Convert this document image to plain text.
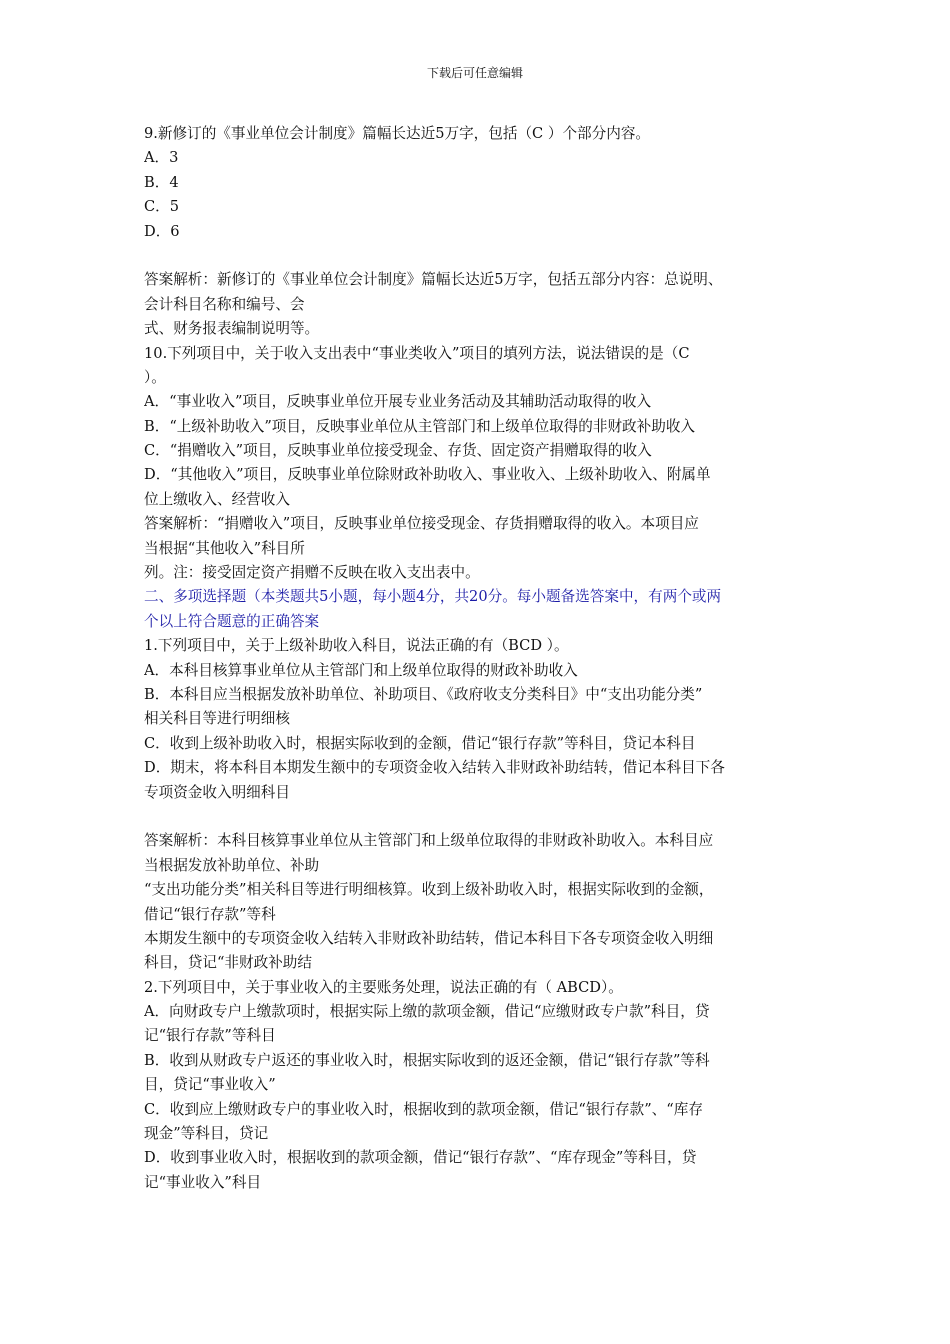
下载后可任意编辑
9.新修订的《事业单位会计制度》篇幅长达近5万字，包括（C ）个部分内容。
A．3
B．4
C．5
D．6
答案解析：新修订的《事业单位会计制度》篇幅长达近5万字，包括五部分内容：总说明、
会计科目名称和编号、会
式、财务报表编制说明等。
10.下列项目中，关于收入支出表中“事业类收入”项目的填列方法，说法错误的是（C
）。
A．“事业收入”项目，反映事业单位开展专业业务活动及其辅助活动取得的收入
B．“上级补助收入”项目，反映事业单位从主管部门和上级单位取得的非财政补助收入
C．“捐赠收入”项目，反映事业单位接受现金、存货、固定资产捐赠取得的收入
D．“其他收入”项目，反映事业单位除财政补助收入、事业收入、上级补助收入、附属单
位上缴收入、经营收入
答案解析：“捐赠收入”项目，反映事业单位接受现金、存货捐赠取得的收入。本项目应
当根据“其他收入”科目所
列。注：接受固定资产捐赠不反映在收入支出表中。
二、多项选择题（本类题共5小题，每小题4分，共20分。每小题备选答案中，有两个或两
个以上符合题意的正确答案
1.下列项目中，关于上级补助收入科目，说法正确的有（BCD ）。
A．本科目核算事业单位从主管部门和上级单位取得的财政补助收入
B．本科目应当根据发放补助单位、补助项目、《政府收支分类科目》中“支出功能分类”
相关科目等进行明细核
C．收到上级补助收入时，根据实际收到的金额，借记“银行存款”等科目，贷记本科目
D．期末，将本科目本期发生额中的专项资金收入结转入非财政补助结转，借记本科目下各
专项资金收入明细科目
答案解析：本科目核算事业单位从主管部门和上级单位取得的非财政补助收入。本科目应
当根据发放补助单位、补助
“支出功能分类”相关科目等进行明细核算。收到上级补助收入时，根据实际收到的金额，
借记“银行存款”等科
本期发生额中的专项资金收入结转入非财政补助结转，借记本科目下各专项资金收入明细
科目，贷记“非财政补助结
2.下列项目中，关于事业收入的主要账务处理，说法正确的有（ ABCD）。
A．向财政专户上缴款项时，根据实际上缴的款项金额，借记“应缴财政专户款”科目，贷
记“银行存款”等科目
B．收到从财政专户返还的事业收入时，根据实际收到的返还金额，借记“银行存款”等科
目，贷记“事业收入”
C．收到应上缴财政专户的事业收入时，根据收到的款项金额，借记“银行存款”、“库存
现金”等科目，贷记
D．收到事业收入时，根据收到的款项金额，借记“银行存款”、“库存现金”等科目，贷
记“事业收入”科目
